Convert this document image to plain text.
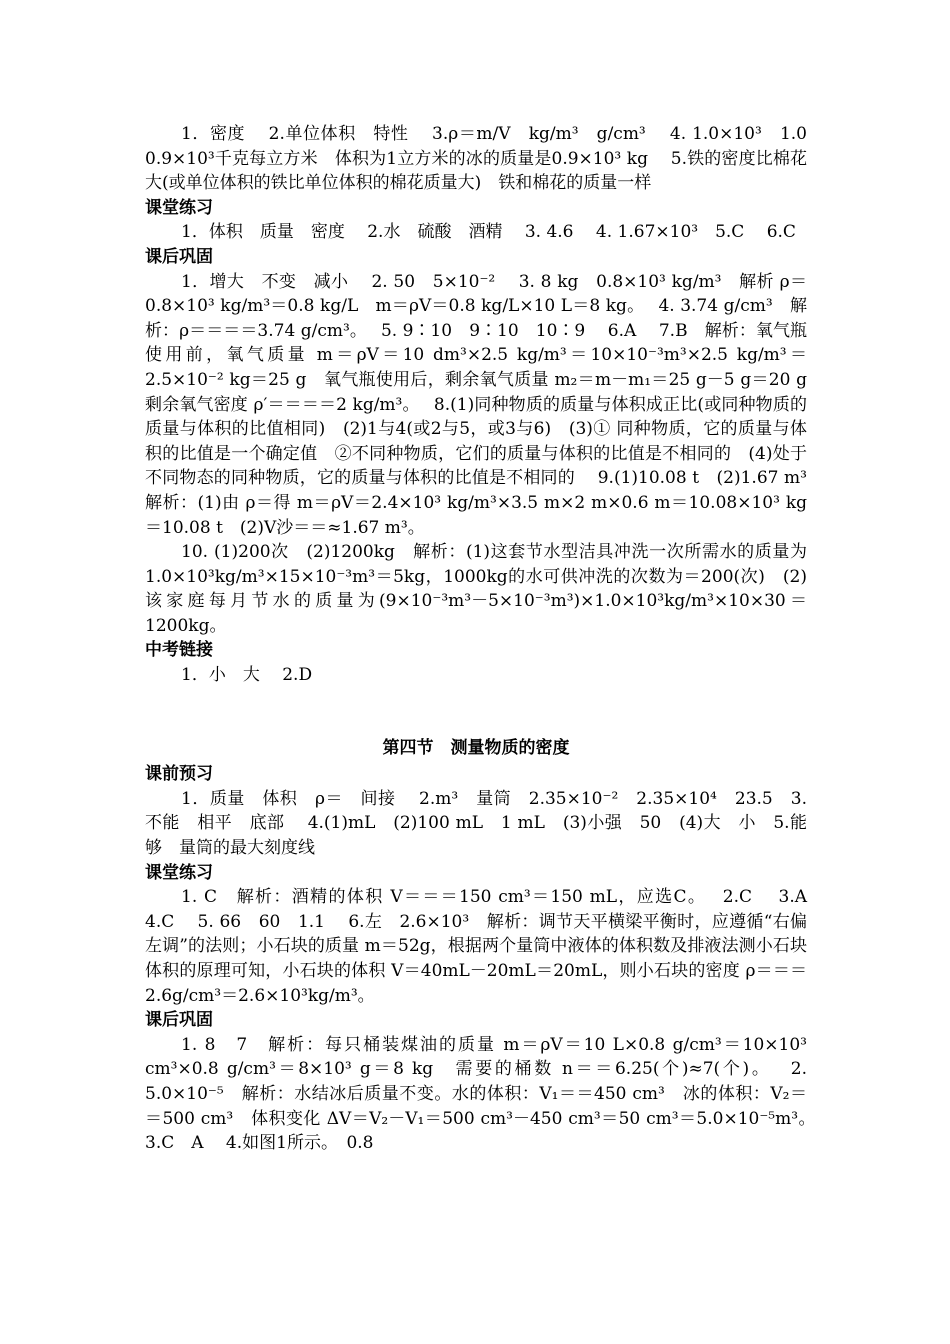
1．密度　 2.单位体积　特性　 3.ρ＝m/V　kg/m³　g/cm³　 4. 1.0×10³　1.0　0.9×10³千克每立方米　体积为1立方米的冰的质量是0.9×10³ kg　 5.铁的密度比棉花大(或单位体积的铁比单位体积的棉花质量大)　铁和棉花的质量一样

课堂练习

1．体积　质量　密度　 2.水　硫酸　酒精　 3. 4.6　 4. 1.67×10³　5.C　 6.C

课后巩固

1．增大　不变　减小　 2. 50　5×10⁻²　 3. 8 kg　0.8×10³ kg/m³　解析 ρ＝0.8×10³ kg/m³＝0.8 kg/L　m＝ρV＝0.8 kg/L×10 L＝8 kg。　 4. 3.74 g/cm³　解析：ρ＝＝＝＝3.74 g/cm³。　 5. 9∶10　9∶10　10∶9　 6.A　 7.B　解析：氧气瓶使用前，氧气质量 m＝ρV＝10 dm³×2.5 kg/m³＝10×10⁻³m³×2.5 kg/m³＝2.5×10⁻² kg＝25 g　氧气瓶使用后，剩余氧气质量 m₂＝m－m₁＝25 g－5 g＝20 g　剩余氧气密度 ρ′＝＝＝＝2 kg/m³。　 8.(1)同种物质的质量与体积成正比(或同种物质的质量与体积的比值相同)　(2)1与4(或2与5，或3与6)　(3)① 同种物质，它的质量与体积的比值是一个确定值　②不同种物质，它们的质量与体积的比值是不相同的　(4)处于不同物态的同种物质，它的质量与体积的比值是不相同的　 9.(1)10.08 t　(2)1.67 m³　解析：(1)由 ρ＝得 m＝ρV＝2.4×10³ kg/m³×3.5 m×2 m×0.6 m＝10.08×10³ kg＝10.08 t　(2)V沙＝＝≈1.67 m³。

10. (1)200次　(2)1200kg　解析：(1)这套节水型洁具冲洗一次所需水的质量为1.0×10³kg/m³×15×10⁻³m³＝5kg，1000kg的水可供冲洗的次数为＝200(次)　(2)该家庭每月节水的质量为(9×10⁻³m³－5×10⁻³m³)×1.0×10³kg/m³×10×30＝1200kg。

中考链接

1．小　大　 2.D

第四节　测量物质的密度
课前预习

1．质量　体积　ρ＝　间接　 2.m³　量筒　2.35×10⁻²　2.35×10⁴　23.5　3.不能　相平　底部　 4.(1)mL　(2)100 mL　1 mL　(3)小强　50　(4)大　小　5.能够　量筒的最大刻度线

课堂练习

1. C　解析：酒精的体积 V＝＝＝150 cm³＝150 mL，应选C。　 2.C　 3.A　4.C　 5. 66　60　1.1　 6.左　2.6×10³　解析：调节天平横梁平衡时，应遵循“右偏左调”的法则；小石块的质量 m＝52g，根据两个量筒中液体的体积数及排液法测小石块体积的原理可知，小石块的体积 V＝40mL－20mL＝20mL，则小石块的密度 ρ＝＝＝2.6g/cm³＝2.6×10³kg/m³。

课后巩固

1. 8　7　解析：每只桶装煤油的质量 m＝ρV＝10 L×0.8 g/cm³＝10×10³ cm³×0.8 g/cm³＝8×10³ g＝8 kg　需要的桶数 n＝＝6.25(个)≈7(个)。　 2. 5.0×10⁻⁵　解析：水结冰后质量不变。水的体积：V₁＝＝450 cm³　冰的体积：V₂＝＝500 cm³　体积变化 ΔV＝V₂－V₁＝500 cm³－450 cm³＝50 cm³＝5.0×10⁻⁵m³。　3.C　A　 4.如图1所示。　0.8
